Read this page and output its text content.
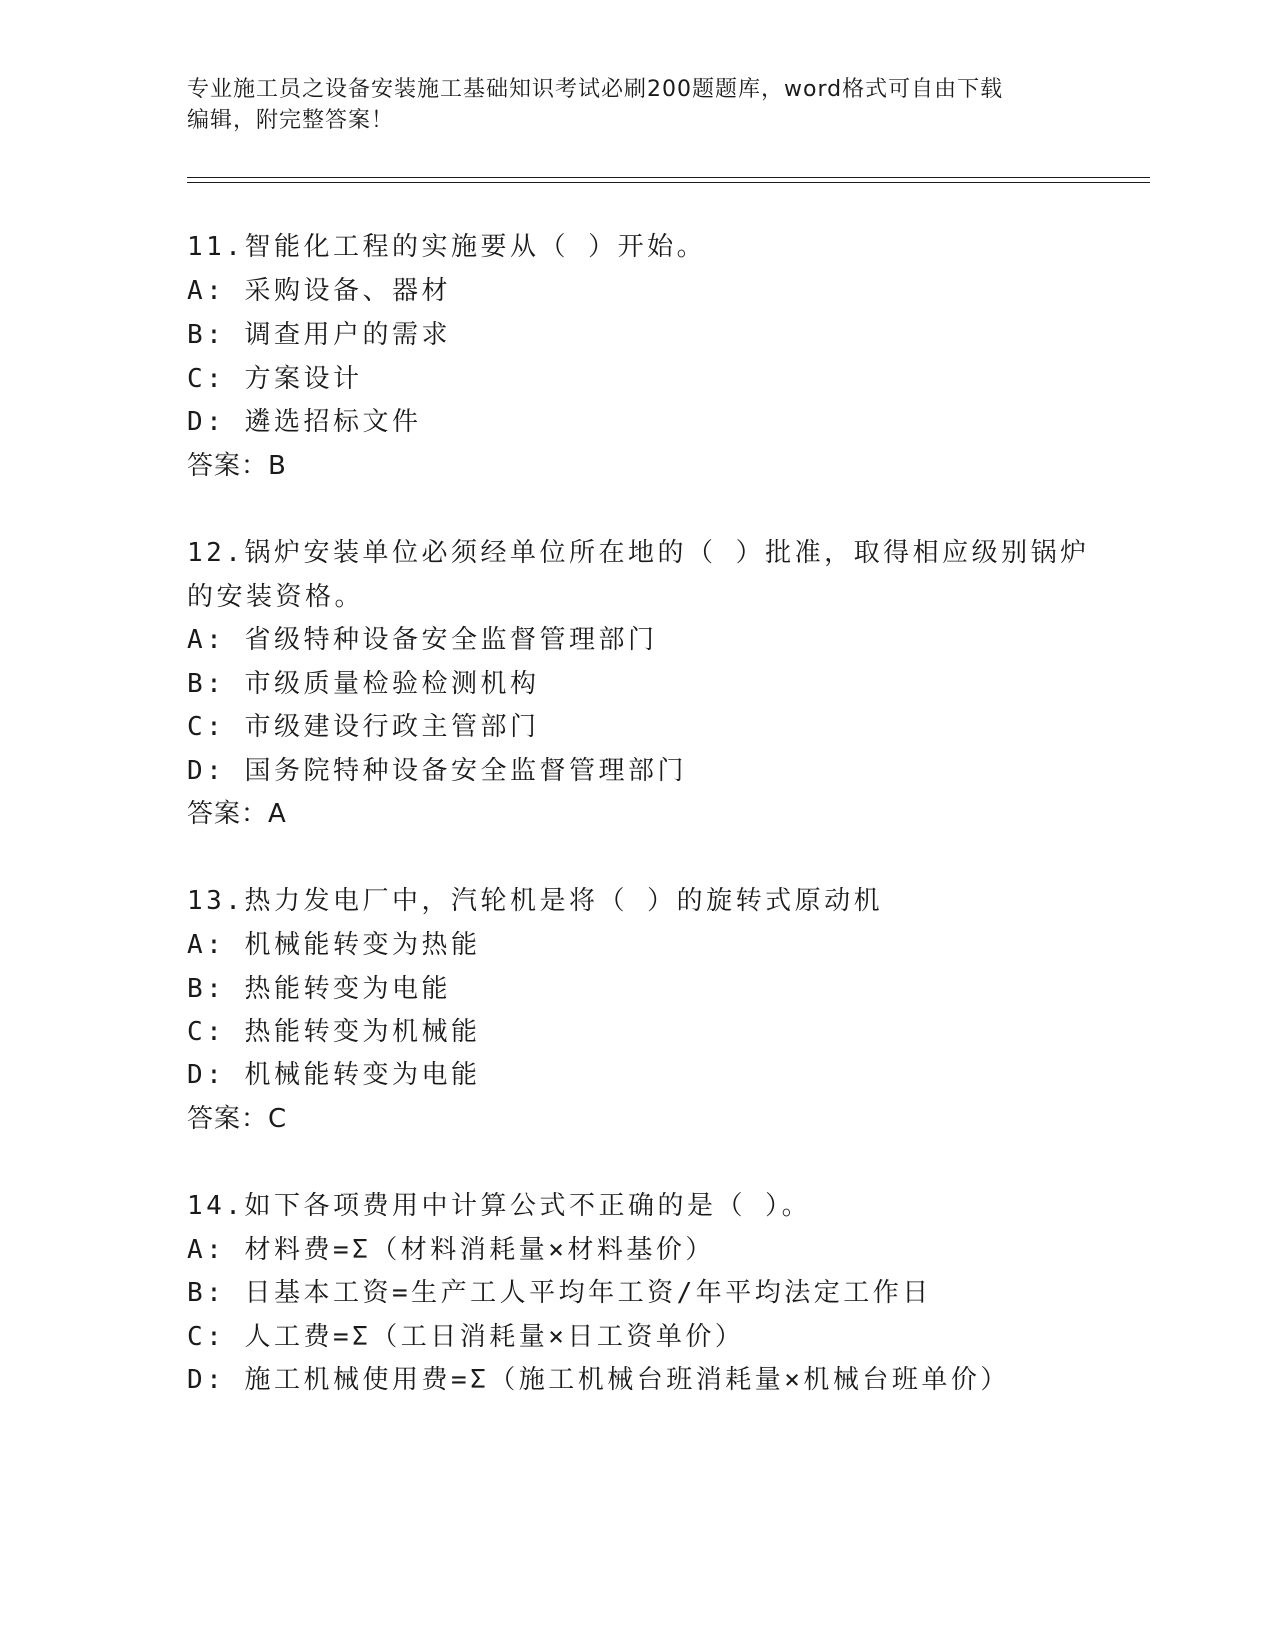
专业施工员之设备安装施工基础知识考试必刷200题题库，word格式可自由下载
编辑，附完整答案！
11.智能化工程的实施要从（ ）开始。
A: 采购设备、器材
B: 调查用户的需求
C: 方案设计
D: 遴选招标文件
答案：B
12.锅炉安装单位必须经单位所在地的（ ）批准，取得相应级别锅炉
的安装资格。
A: 省级特种设备安全监督管理部门
B: 市级质量检验检测机构
C: 市级建设行政主管部门
D: 国务院特种设备安全监督管理部门
答案：A
13.热力发电厂中，汽轮机是将（ ）的旋转式原动机
A: 机械能转变为热能
B: 热能转变为电能
C: 热能转变为机械能
D: 机械能转变为电能
答案：C
14.如下各项费用中计算公式不正确的是（ ）。
A: 材料费=Σ（材料消耗量×材料基价）
B: 日基本工资=生产工人平均年工资/年平均法定工作日
C: 人工费=Σ（工日消耗量×日工资单价）
D: 施工机械使用费=Σ（施工机械台班消耗量×机械台班单价）
